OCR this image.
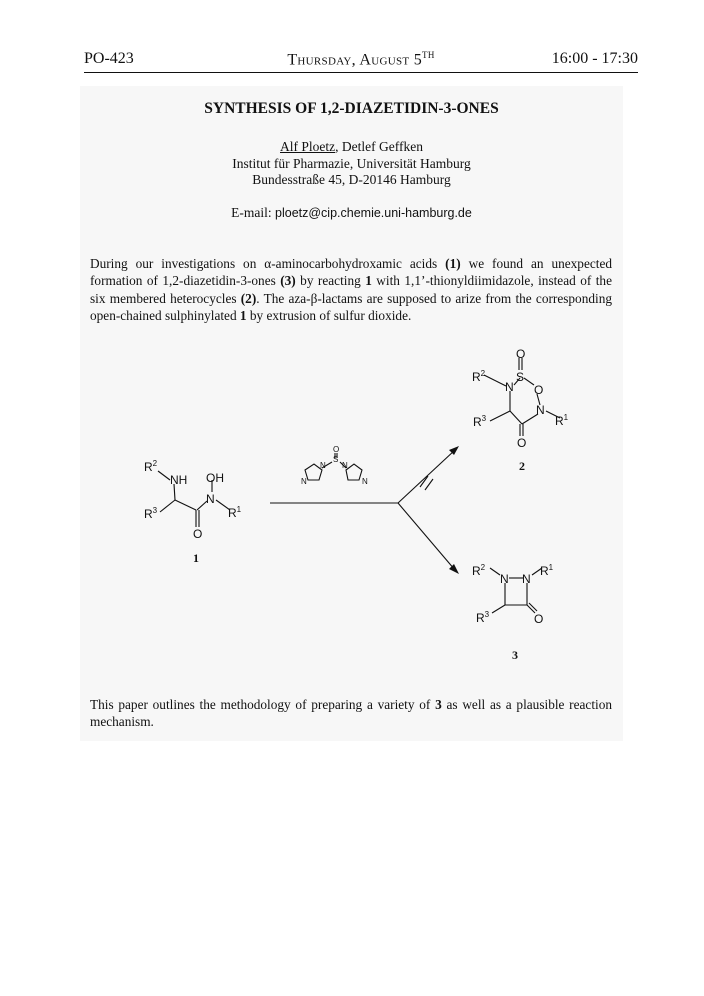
PO-423	Thursday, August 5TH	16:00 - 17:30
SYNTHESIS OF 1,2-DIAZETIDIN-3-ONES
Alf Ploetz, Detlef Geffken
Institut für Pharmazie, Universität Hamburg
Bundesstraße 45, D-20146 Hamburg
E-mail: ploetz@cip.chemie.uni-hamburg.de
During our investigations on α-aminocarbohydroxamic acids (1) we found an unexpected formation of 1,2-diazetidin-3-ones (3) by reacting 1 with 1,1’-thionyldiimidazole, instead of the six membered heterocycles (2). The aza-β-lactams are supposed to arize from the corresponding open-chained sulphinylated 1 by extrusion of sulfur dioxide.
$R^2$
NH OH
N
$R^1$
$R^3$
O
1
N
N
S
O
N
N
O
S
O
N
N
$R^2$
$R^1$
$R^3$
O
2
$R^2$
N N
$R^1$
$R^3$	O
3
This paper outlines the methodology of preparing a variety of 3 as well as a plausible reaction mechanism.
